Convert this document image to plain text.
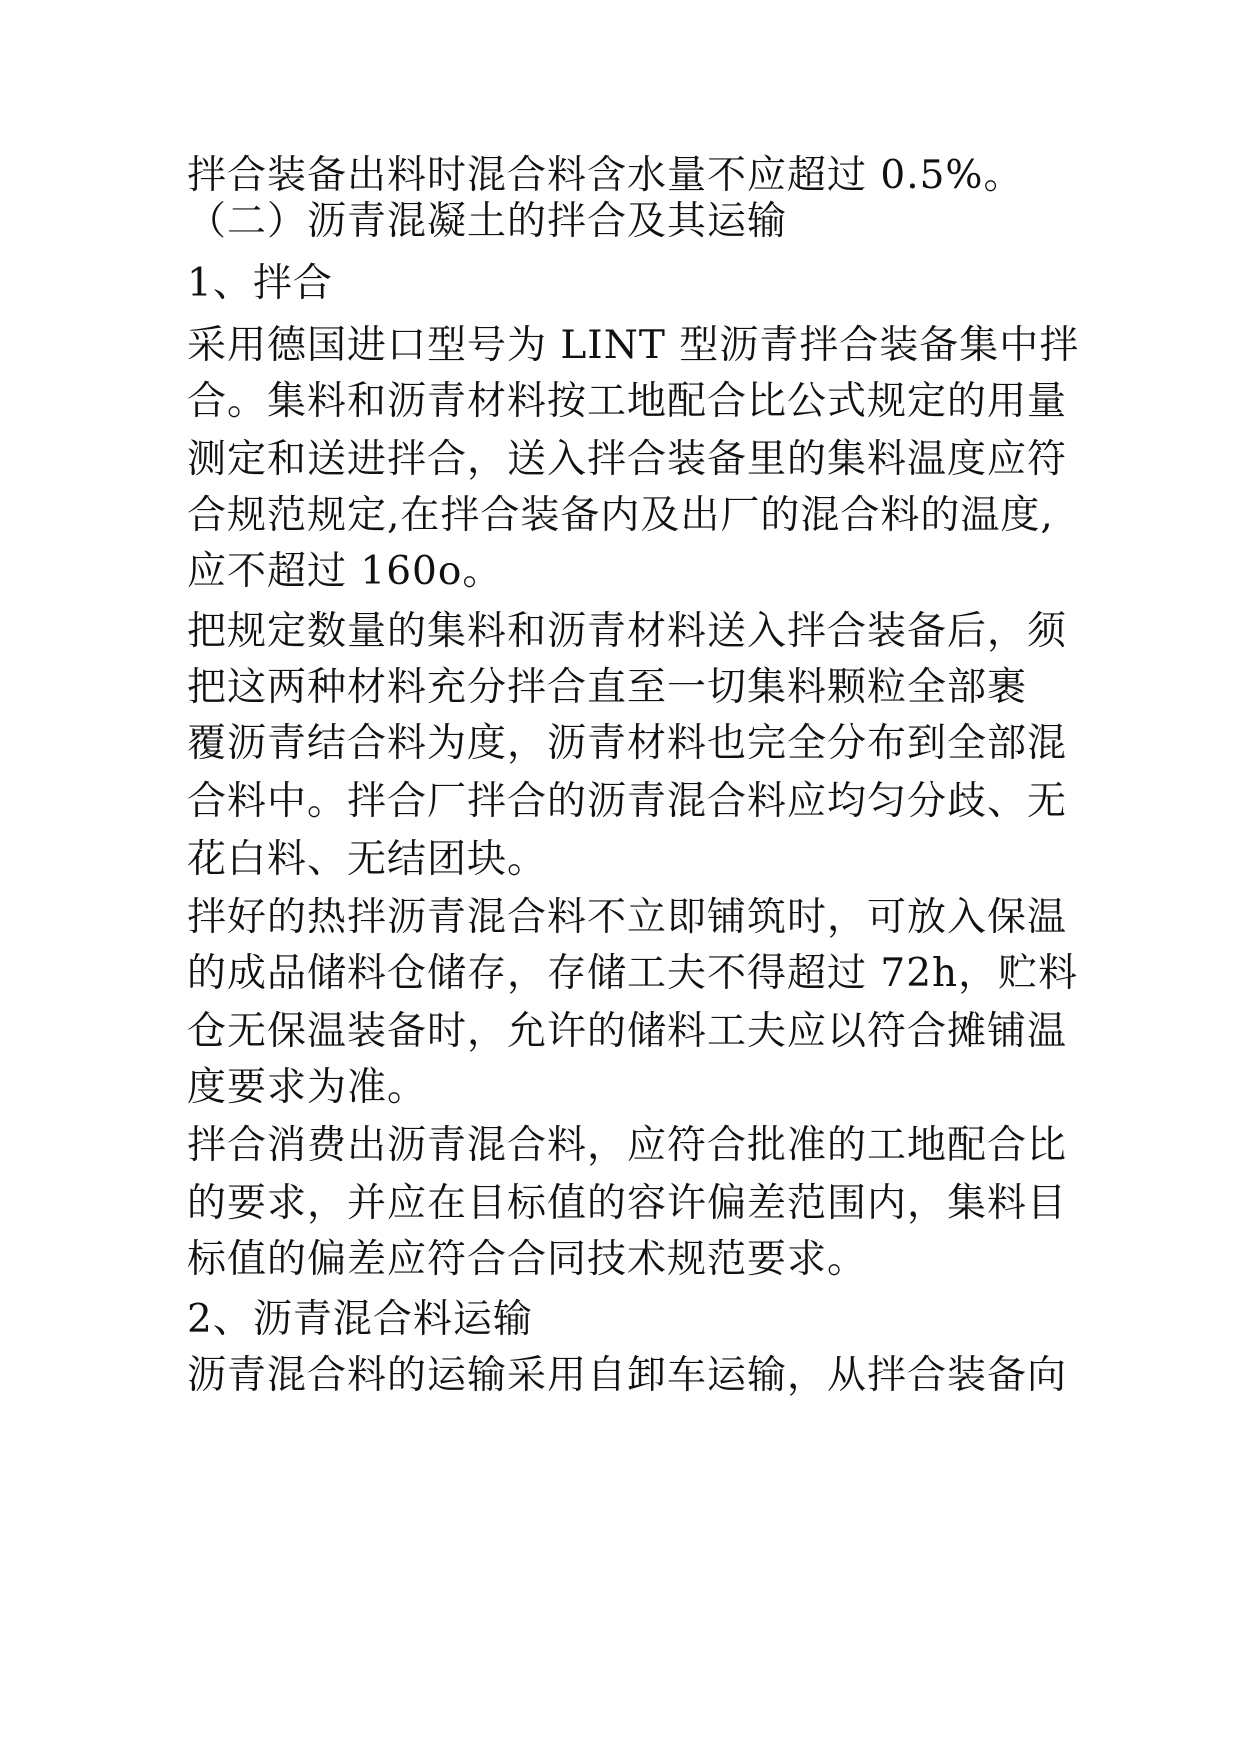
拌合装备出料时混合料含水量不应超过 0.5%。
（二）沥青混凝土的拌合及其运输
1、拌合
采用德国进口型号为 LINT 型沥青拌合装备集中拌
合。集料和沥青材料按工地配合比公式规定的用量
测定和送进拌合，送入拌合装备里的集料温度应符
合规范规定,在拌合装备内及出厂的混合料的温度,
应不超过 160o。
把规定数量的集料和沥青材料送入拌合装备后，须
把这两种材料充分拌合直至一切集料颗粒全部裹
覆沥青结合料为度，沥青材料也完全分布到全部混
合料中。拌合厂拌合的沥青混合料应均匀分歧、无
花白料、无结团块。
拌好的热拌沥青混合料不立即铺筑时，可放入保温
的成品储料仓储存，存储工夫不得超过 72h，贮料
仓无保温装备时，允许的储料工夫应以符合摊铺温
度要求为准。
拌合消费出沥青混合料，应符合批准的工地配合比
的要求，并应在目标值的容许偏差范围内，集料目
标值的偏差应符合合同技术规范要求。
2、沥青混合料运输
沥青混合料的运输采用自卸车运输，从拌合装备向
